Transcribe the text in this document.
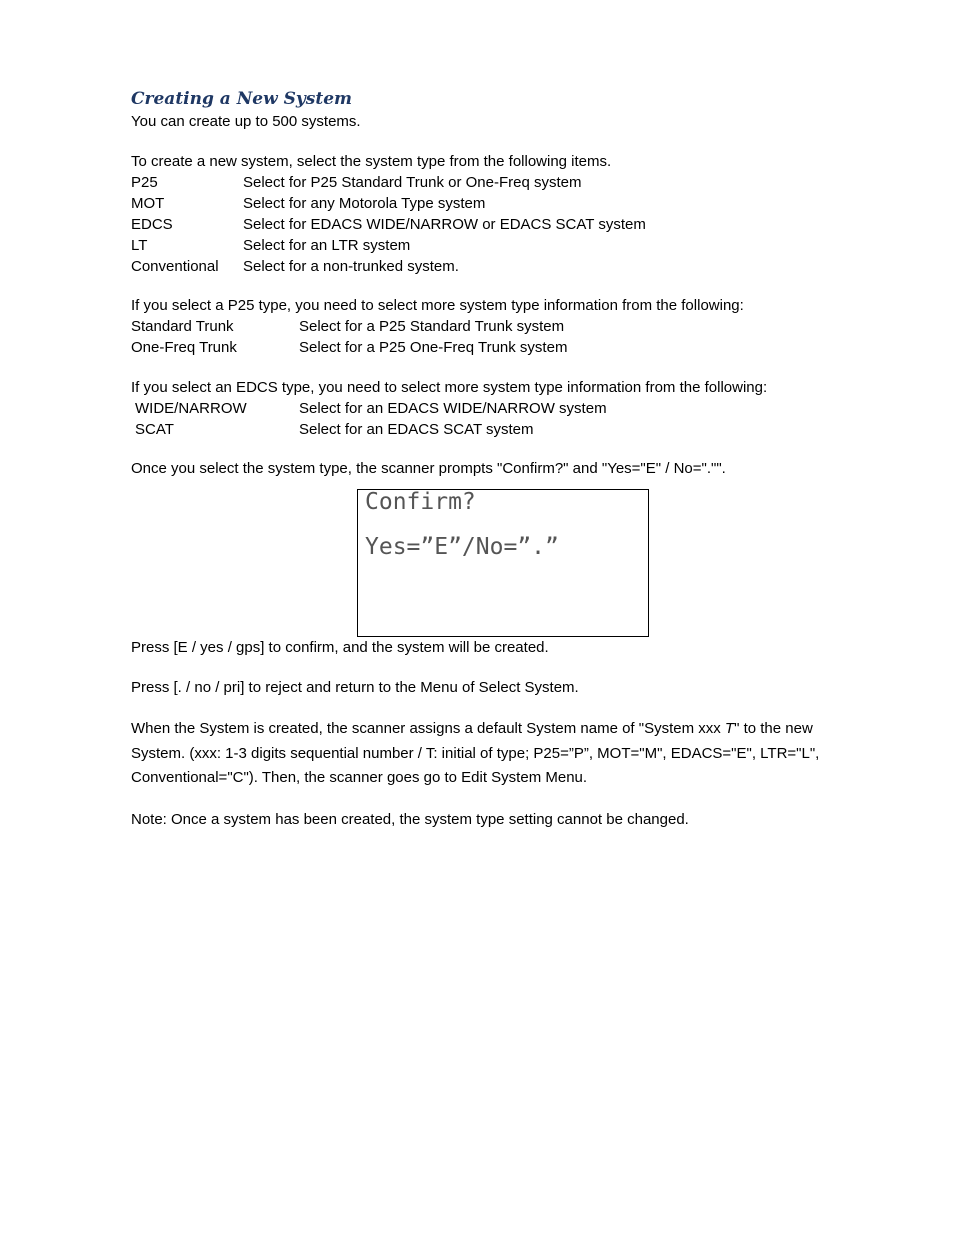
Creating a New System

You can create up to 500 systems.

To create a new system, select the system type from the following items.

P25	Select for P25 Standard Trunk or One-Freq system
MOT	Select for any Motorola Type system
EDCS	Select for EDACS WIDE/NARROW or EDACS SCAT system
LT	Select for an LTR system
Conventional	Select for a non-trunked system.

If you select a P25 type, you need to select more system type information from the following:

Standard Trunk	Select for a P25 Standard Trunk system
One-Freq Trunk	Select for a P25 One-Freq Trunk system

If you select an EDCS type, you need to select more system type information from the following:

WIDE/NARROW	Select for an EDACS WIDE/NARROW system
SCAT	Select for an EDACS SCAT system

Once you select the system type, the scanner prompts "Confirm?" and "Yes="E" / No="."".

Confirm?
Yes=”E”/No=”.”

Press [E / yes / gps] to confirm, and the system will be created.

Press [. / no / pri] to reject and return to the Menu of Select System.

When the System is created, the scanner assigns a default System name of "System xxx T" to the new System. (xxx: 1-3 digits sequential number / T: initial of type; P25=”P”, MOT="M", EDACS="E", LTR="L", Conventional="C"). Then, the scanner goes go to Edit System Menu.

Note: Once a system has been created, the system type setting cannot be changed.
